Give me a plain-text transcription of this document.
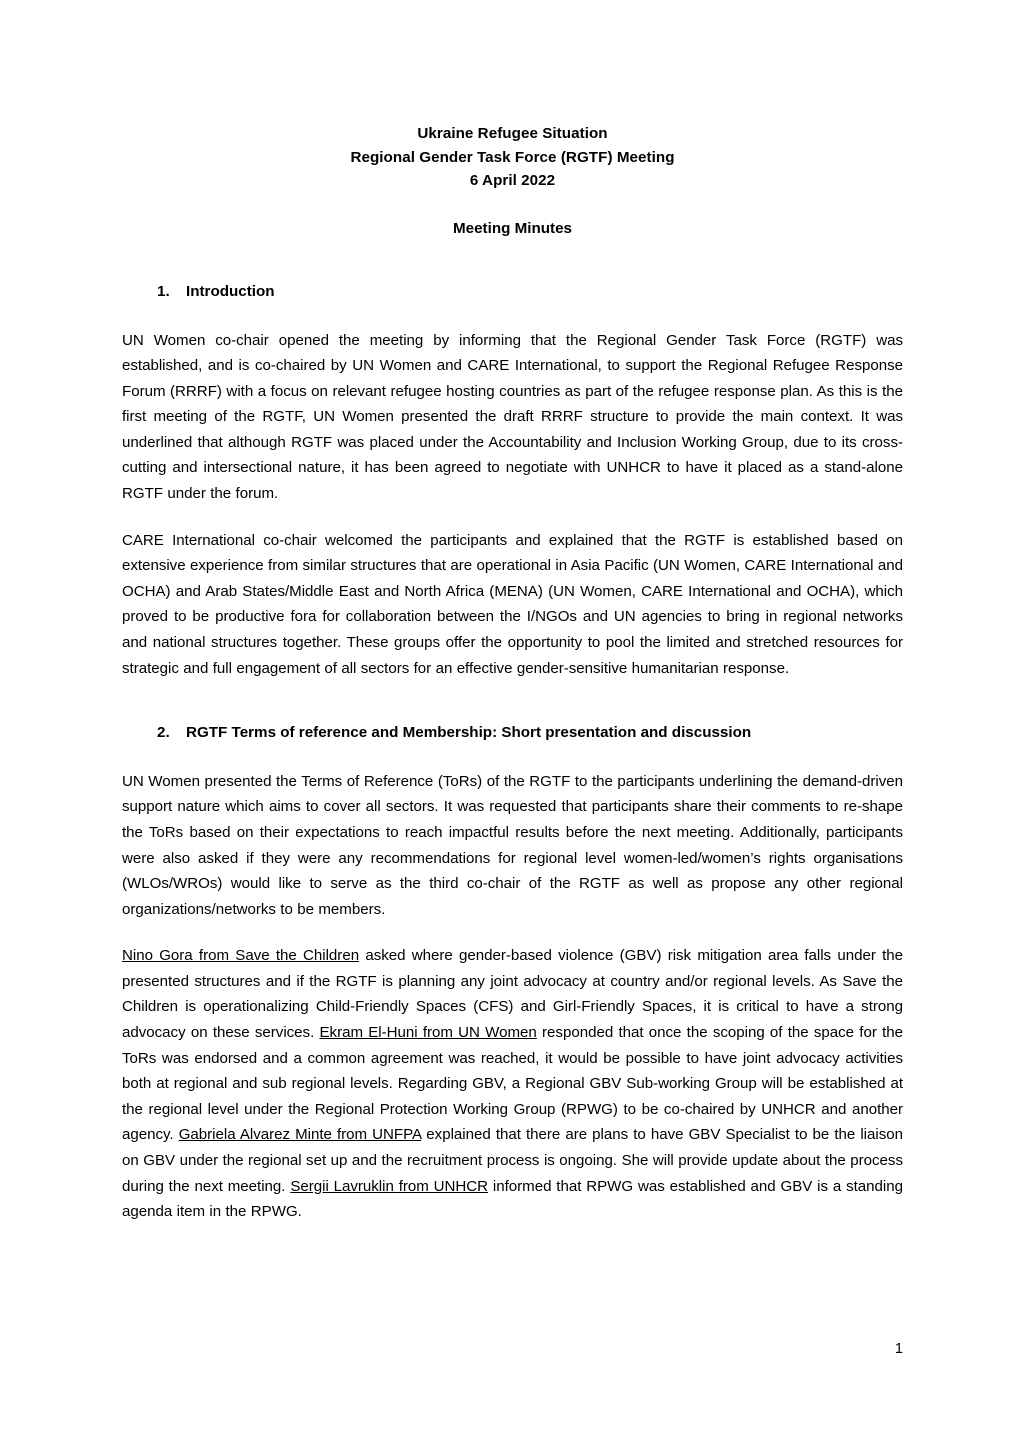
Ukraine Refugee Situation
Regional Gender Task Force (RGTF) Meeting
6 April 2022
Meeting Minutes
1. Introduction

UN Women co-chair opened the meeting by informing that the Regional Gender Task Force (RGTF) was established, and is co-chaired by UN Women and CARE International, to support the Regional Refugee Response Forum (RRRF) with a focus on relevant refugee hosting countries as part of the refugee response plan. As this is the first meeting of the RGTF, UN Women presented the draft RRRF structure to provide the main context. It was underlined that although RGTF was placed under the Accountability and Inclusion Working Group, due to its cross-cutting and intersectional nature, it has been agreed to negotiate with UNHCR to have it placed as a stand-alone RGTF under the forum.

CARE International co-chair welcomed the participants and explained that the RGTF is established based on extensive experience from similar structures that are operational in Asia Pacific (UN Women, CARE International and OCHA) and Arab States/Middle East and North Africa (MENA) (UN Women, CARE International and OCHA), which proved to be productive fora for collaboration between the I/NGOs and UN agencies to bring in regional networks and national structures together. These groups offer the opportunity to pool the limited and stretched resources for strategic and full engagement of all sectors for an effective gender-sensitive humanitarian response.

2. RGTF Terms of reference and Membership: Short presentation and discussion

UN Women presented the Terms of Reference (ToRs) of the RGTF to the participants underlining the demand-driven support nature which aims to cover all sectors. It was requested that participants share their comments to re-shape the ToRs based on their expectations to reach impactful results before the next meeting. Additionally, participants were also asked if they were any recommendations for regional level women-led/women’s rights organisations (WLOs/WROs) would like to serve as the third co-chair of the RGTF as well as propose any other regional organizations/networks to be members.

Nino Gora from Save the Children asked where gender-based violence (GBV) risk mitigation area falls under the presented structures and if the RGTF is planning any joint advocacy at country and/or regional levels. As Save the Children is operationalizing Child-Friendly Spaces (CFS) and Girl-Friendly Spaces, it is critical to have a strong advocacy on these services. Ekram El-Huni from UN Women responded that once the scoping of the space for the ToRs was endorsed and a common agreement was reached, it would be possible to have joint advocacy activities both at regional and sub regional levels. Regarding GBV, a Regional GBV Sub-working Group will be established at the regional level under the Regional Protection Working Group (RPWG) to be co-chaired by UNHCR and another agency. Gabriela Alvarez Minte from UNFPA explained that there are plans to have GBV Specialist to be the liaison on GBV under the regional set up and the recruitment process is ongoing. She will provide update about the process during the next meeting. Sergii Lavruklin from UNHCR informed that RPWG was established and GBV is a standing agenda item in the RPWG.

1
